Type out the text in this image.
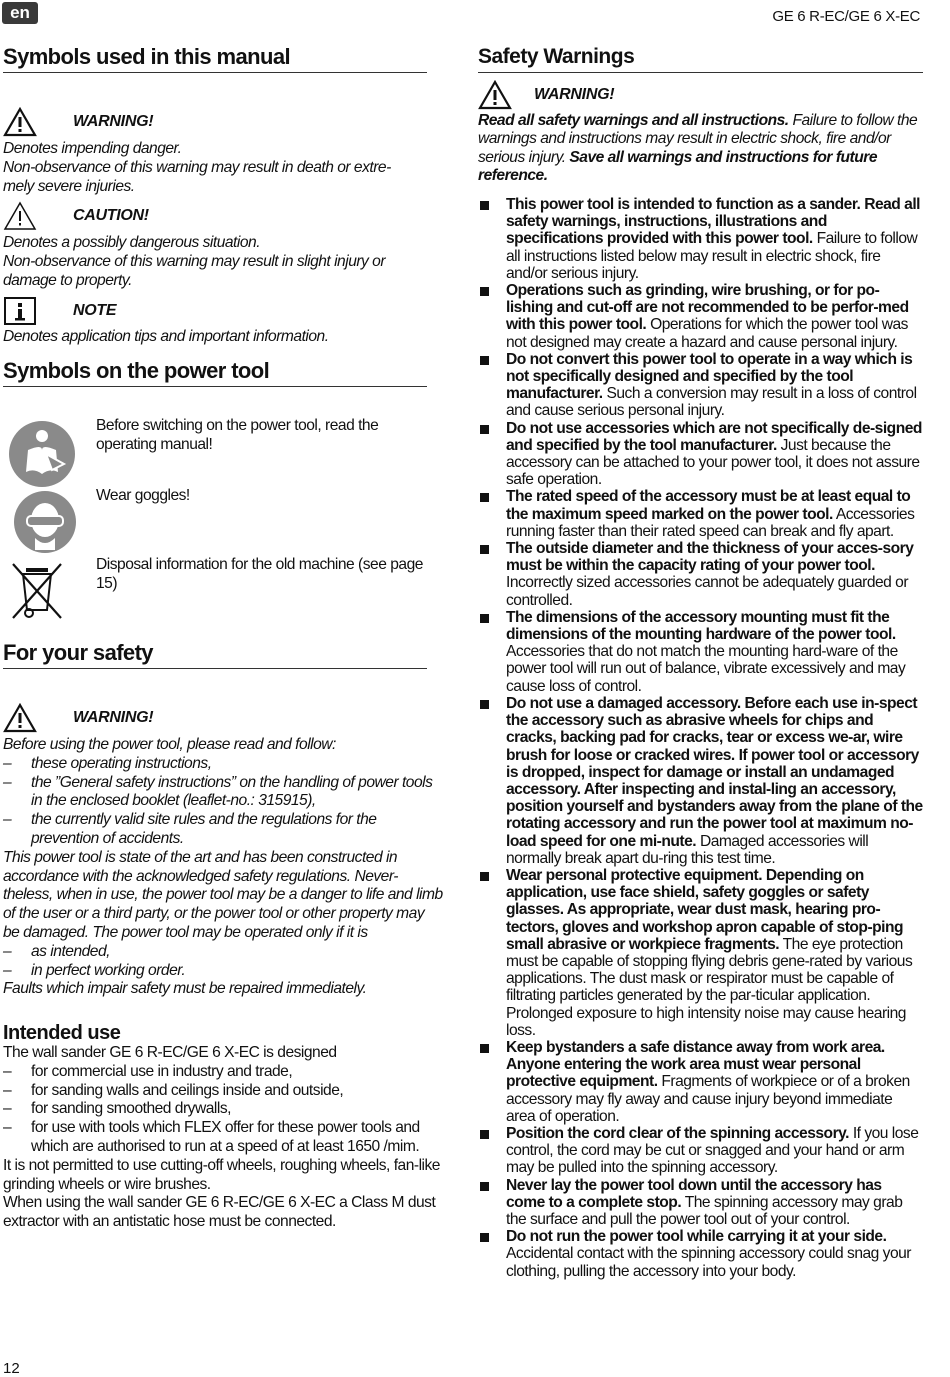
en	GE 6 R-EC/GE 6 X-EC
Symbols used in this manual
WARNING!
Denotes impending danger.
Non-observance of this warning may result in death or extre-
mely severe injuries.
CAUTION!
Denotes a possibly dangerous situation.
Non-observance of this warning may result in slight injury or
damage to property.
NOTE
Denotes application tips and important information.
Symbols on the power tool
Before switching on the power tool, read the operating manual!
Wear goggles!
Disposal information for the old machine (see page 15)
For your safety
WARNING!
Before using the power tool, please read and follow:
– these operating instructions,
– the ”General safety instructions” on the handling of power tools in the enclosed booklet (leaflet-no.: 315915),
– the currently valid site rules and the regulations for the prevention of accidents.
This power tool is state of the art and has been constructed in accordance with the acknowledged safety regulations. Never-theless, when in use, the power tool may be a danger to life and limb of the user or a third party, or the power tool or other property may be damaged. The power tool may be operated only if it is
– as intended,
– in perfect working order.
Faults which impair safety must be repaired immediately.
Intended use
The wall sander GE 6 R-EC/GE 6 X-EC is designed
– for commercial use in industry and trade,
– for sanding walls and ceilings inside and outside,
– for sanding smoothed drywalls,
– for use with tools which FLEX offer for these power tools and which are authorised to run at a speed of at least 1650 /mim.
It is not permitted to use cutting-off wheels, roughing wheels, fan-like grinding wheels or wire brushes.
When using the wall sander GE 6 R-EC/GE 6 X-EC a Class M dust extractor with an antistatic hose must be connected.
Safety Warnings
WARNING!
Read all safety warnings and all instructions. Failure to follow the warnings and instructions may result in electric shock, fire and/or serious injury. Save all warnings and instructions for future reference.
This power tool is intended to function as a sander. Read all safety warnings, instructions, illustrations and specifications provided with this power tool. Failure to follow all instructions listed below may result in electric shock, fire and/or serious injury.
Operations such as grinding, wire brushing, or for po-lishing and cut-off are not recommended to be perfor-med with this power tool. Operations for which the power tool was not designed may create a hazard and cause personal injury.
Do not convert this power tool to operate in a way which is not specifically designed and specified by the tool manufacturer. Such a conversion may result in a loss of control and cause serious personal injury.
Do not use accessories which are not specifically de-signed and specified by the tool manufacturer. Just because the accessory can be attached to your power tool, it does not assure safe operation.
The rated speed of the accessory must be at least equal to the maximum speed marked on the power tool. Accessories running faster than their rated speed can break and fly apart.
The outside diameter and the thickness of your acces-sory must be within the capacity rating of your power tool. Incorrectly sized accessories cannot be adequately guarded or controlled.
The dimensions of the accessory mounting must fit the dimensions of the mounting hardware of the power tool. Accessories that do not match the mounting hard-ware of the power tool will run out of balance, vibrate excessively and may cause loss of control.
Do not use a damaged accessory. Before each use in-spect the accessory such as abrasive wheels for chips and cracks, backing pad for cracks, tear or excess we-ar, wire brush for loose or cracked wires. If power tool or accessory is dropped, inspect for damage or install an undamaged accessory. After inspecting and instal-ling an accessory, position yourself and bystanders away from the plane of the rotating accessory and run the power tool at maximum no-load speed for one mi-nute. Damaged accessories will normally break apart du-ring this test time.
Wear personal protective equipment. Depending on application, use face shield, safety goggles or safety glasses. As appropriate, wear dust mask, hearing pro-tectors, gloves and workshop apron capable of stop-ping small abrasive or workpiece fragments. The eye protection must be capable of stopping flying debris gene-rated by various applications. The dust mask or respirator must be capable of filtrating particles generated by the par-ticular application. Prolonged exposure to high intensity noise may cause hearing loss.
Keep bystanders a safe distance away from work area. Anyone entering the work area must wear personal protective equipment. Fragments of workpiece or of a broken accessory may fly away and cause injury beyond immediate area of operation.
Position the cord clear of the spinning accessory. If you lose control, the cord may be cut or snagged and your hand or arm may be pulled into the spinning accessory.
Never lay the power tool down until the accessory has come to a complete stop. The spinning accessory may grab the surface and pull the power tool out of your control.
Do not run the power tool while carrying it at your side. Accidental contact with the spinning accessory could snag your clothing, pulling the accessory into your body.
12
